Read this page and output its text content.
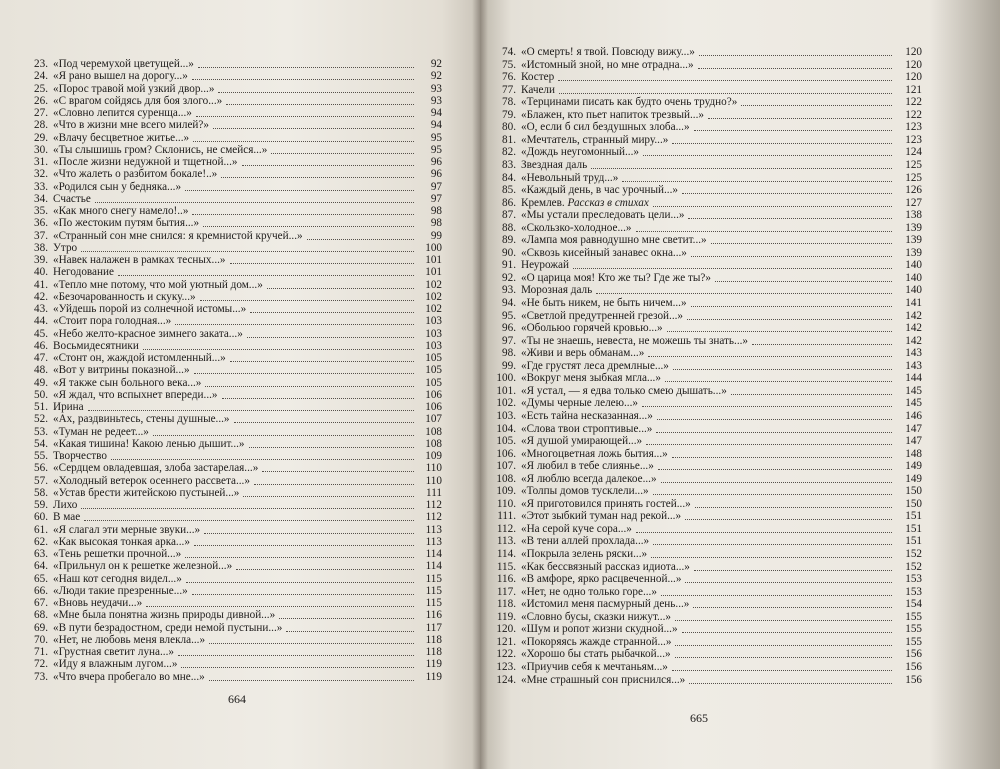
23. «Под черемухой цветущей...»	92
24. «Я рано вышел на дорогу...»	92
25. «Порос травой мой узкий двор...»	93
26. «С врагом сойдясь для боя злого...»	93
27. «Словно лепится суренща...»	94
28. «Что в жизни мне всего милей?»	94
29. «Влачу бесцветное житье...»	95
30. «Ты слышишь гром? Склонись, не смейся...»	95
31. «После жизни недужной и тщетной...»	96
32. «Что жалеть о разбитом бокале!..»	96
33. «Родился сын у бедняка...»	97
34. Счастье	97
35. «Как много снегу намело!..»	98
36. «По жестоким путям бытия...»	98
37. «Странный сон мне снился: я кремнистой кручей...»	99
38. Утро	100
39. «Навек налажен в рамках тесных...»	101
40. Негодование	101
41. «Тепло мне потому, что мой уютный дом...»	102
42. «Безочарованность и скуку...»	102
43. «Уйдешь порой из солнечной истомы...»	102
44. «Стоит пора голодная...»	103
45. «Небо желто-красное зимнего заката...»	103
46. Восьмидесятники	103
47. «Стонт он, жаждой истомленный...»	105
48. «Вот у витрины показной...»	105
49. «Я также сын больного века...»	105
50. «Я ждал, что вспыхнет впереди...»	106
51. Ирина	106
52. «Ах, раздвиньтесь, стены душные...»	107
53. «Туман не редеет...»	108
54. «Какая тишина! Какою ленью дышит...»	108
55. Творчество	109
56. «Сердцем овладевшая, злоба застарелая...»	110
57. «Холодный ветерок осеннего рассвета...»	110
58. «Устав брести житейскою пустыней...»	111
59. Лихо	112
60. В мае	112
61. «Я слагал эти мерные звуки...»	113
62. «Как высокая тонкая арка...»	113
63. «Тень решетки прочной...»	114
64. «Прильнул он к решетке железной...»	114
65. «Наш кот сегодня видел...»	115
66. «Люди такие презренные...»	115
67. «Вновь неудачи...»	115
68. «Мне была понятна жизнь природы дивной...»	116
69. «В пути безрадостном, среди немой пустыни...»	117
70. «Нет, не любовь меня влекла...»	118
71. «Грустная светит луна...»	118
72. «Иду я влажным лугом...»	119
73. «Что вчера пробегало во мне...»	119
664
74. «О смерть! я твой. Повсюду вижу...»	120
75. «Истомный зной, но мне отрадна...»	120
76. Костер	120
77. Качели	121
78. «Терцинами писать как будто очень трудно?»	122
79. «Блажен, кто пьет напиток трезвый...»	122
80. «О, если б сил бездушных злоба...»	123
81. «Мечтатель, странный миру...»	123
82. «Дождь неугомонный...»	124
83. Звездная даль	125
84. «Невольный труд...»	125
85. «Каждый день, в час урочный...»	126
86. Кремлев. Рассказ в стихах	127
87. «Мы устали преследовать цели...»	138
88. «Скользко-холодное...»	139
89. «Лампа моя равнодушно мне светит...»	139
90. «Сквозь кисейный занавес окна...»	139
91. Неурожай	140
92. «О царица моя! Кто же ты? Где же ты?»	140
93. Морозная даль	140
94. «Не быть никем, не быть ничем...»	141
95. «Светлой предутренней грезой...»	142
96. «Обольюо горячей кровью...»	142
97. «Ты не знаешь, невеста, не можешь ты знать...»	142
98. «Живи и верь обманам...»	143
99. «Где грустят леса дремлные...»	143
100. «Вокруг меня зыбкая мгла...»	144
101. «Я устал, — я едва только смею дышать...»	145
102. «Думы черные лелею...»	145
103. «Есть тайна несказанная...»	146
104. «Слова твои строптивые...»	147
105. «Я душой умирающей...»	147
106. «Многоцветная ложь бытия...»	148
107. «Я любил в тебе слиянье...»	149
108. «Я люблю всегда далекое...»	149
109. «Толпы домов тусклели...»	150
110. «Я приготовился принять гостей...»	150
111. «Этот зыбкий туман над рекой...»	151
112. «На серой куче сора...»	151
113. «В тени аллей прохлада...»	151
114. «Покрыла зелень ряски...»	152
115. «Как бессвязный рассказ идиота...»	152
116. «В амфоре, ярко расцвеченной...»	153
117. «Нет, не одно только горе...»	153
118. «Истомил меня пасмурный день...»	154
119. «Словно бусы, сказки нижут...»	155
120. «Шум и ропот жизни скудной...»	155
121. «Покоряясь жажде странной...»	155
122. «Хорошо бы стать рыбачкой...»	156
123. «Приучив себя к мечтаньям...»	156
124. «Мне страшный сон приснился...»	156
665
